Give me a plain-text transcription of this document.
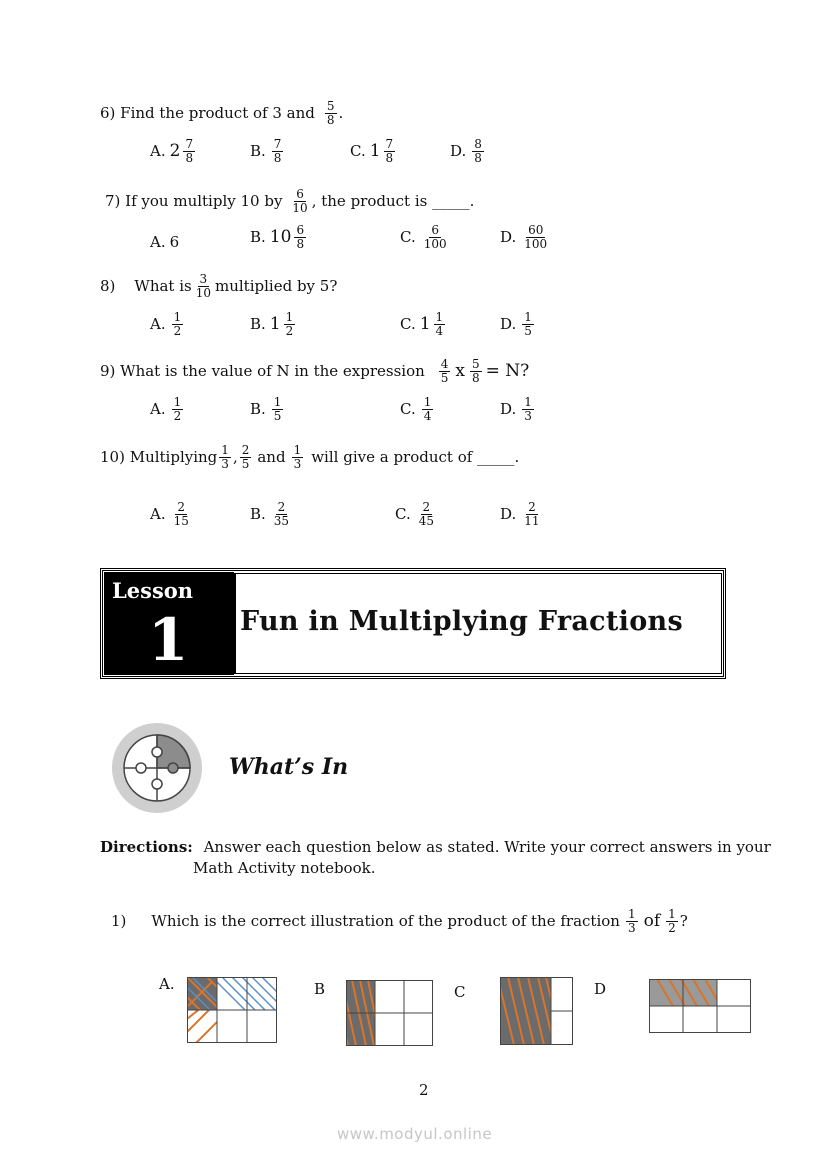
6) Find the product of 3 and $\frac{5}{8}$ .
A. $2 \frac{7}{8}$	B. $\frac{7}{8}$	C. $1 \frac{7}{8}$	D. $\frac{8}{8}$
7) If you multiply 10 by $\frac{6}{10}$ , the product is _____.
A. 6	B. $10 \frac{6}{8}$	C. $\frac{6}{100}$	D. $\frac{60}{100}$
8) What is $\frac{3}{10}$ multiplied by 5?
A. $\frac{1}{2}$	B. $1 \frac{1}{2}$	C. $1 \frac{1}{4}$	D. $\frac{1}{5}$
9) What is the value of N in the expression $\frac{4}{5}$ x $\frac{5}{8} = N$?
A. $\frac{1}{2}$	B. $\frac{1}{5}$	C. $\frac{1}{4}$	D. $\frac{1}{3}$
10) Multiplying $\frac{1}{3}$ , $\frac{2}{5}$ and $\frac{1}{3}$ will give a product of _____.
A. $\frac{2}{15}$	B. $\frac{2}{35}$	C. $\frac{2}{45}$	D. $\frac{2}{11}$
Lesson
1 Fun in Multiplying Fractions
What’s In
Directions: Answer each question below as stated. Write your correct answers in your
Math Activity notebook.
1) Which is the correct illustration of the product of the fraction $\frac{1}{3}$ of $\frac{1}{2}$ ?
A.	B	C	D
2
www.modyul.online
